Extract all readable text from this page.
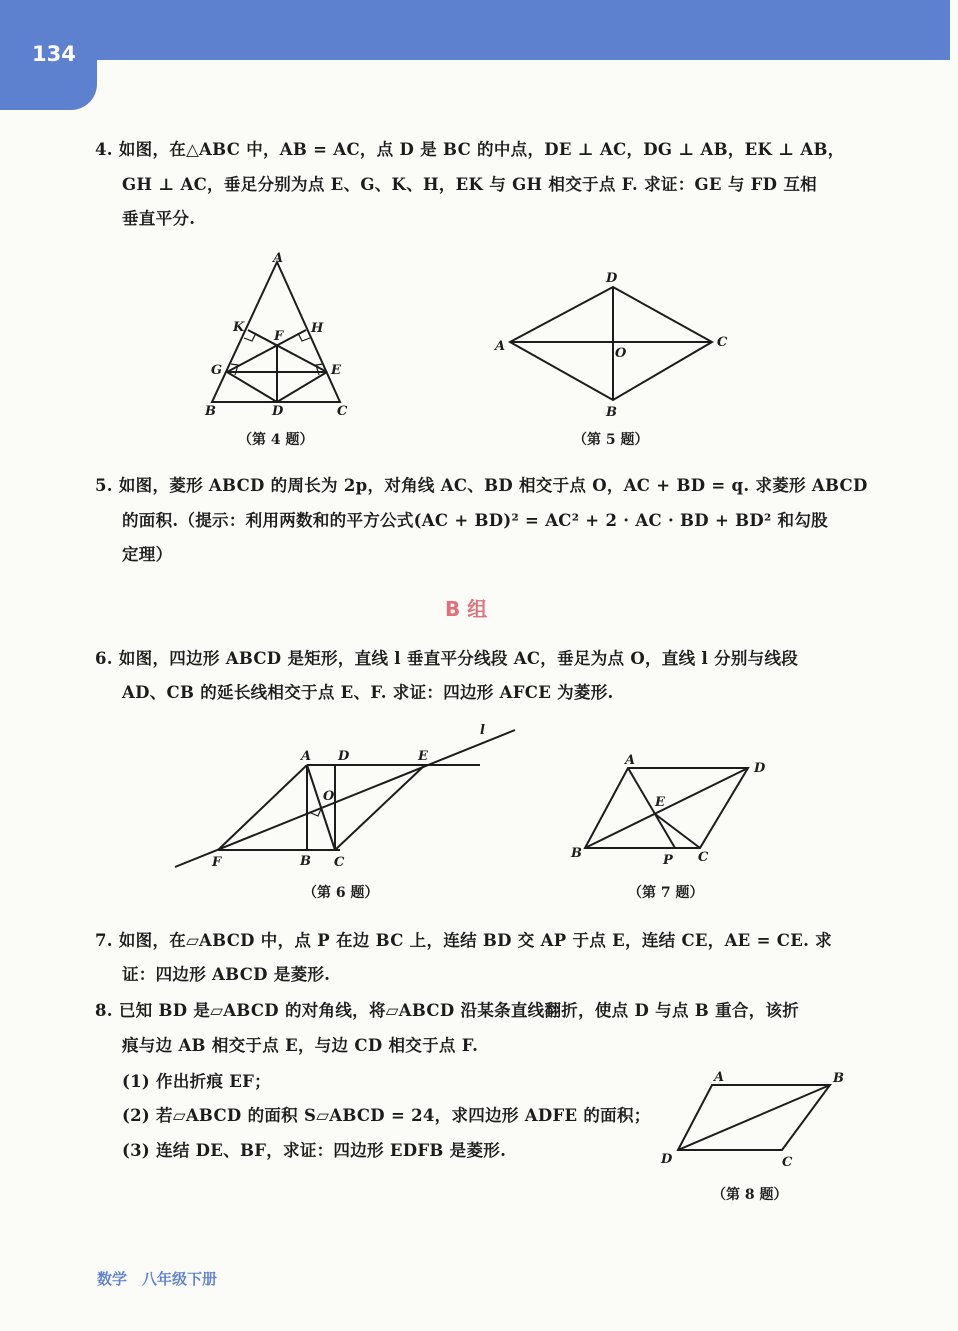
134
4. 如图，在△ABC 中，AB = AC，点 D 是 BC 的中点，DE ⊥ AC，DG ⊥ AB，EK ⊥ AB，
GH ⊥ AC，垂足分别为点 E、G、K、H，EK 与 GH 相交于点 F. 求证：GE 与 FD 互相
垂直平分.
A
B	C
D
E
F
G
H
K
A
B
C
D
O
A
B C
D	E
F
O
l
A
B	C
D
E
P
A	B
C
D
（第 4 题）	（第 5 题）
5. 如图，菱形 ABCD 的周长为 2p，对角线 AC、BD 相交于点 O，AC + BD = q. 求菱形 ABCD
的面积.（提示：利用两数和的平方公式(AC + BD)² = AC² + 2 · AC · BD + BD² 和勾股
定理）
B 组
6. 如图，四边形 ABCD 是矩形，直线 l 垂直平分线段 AC，垂足为点 O，直线 l 分别与线段
AD、CB 的延长线相交于点 E、F. 求证：四边形 AFCE 为菱形.
（第 6 题）	（第 7 题）
7. 如图，在▱ABCD 中，点 P 在边 BC 上，连结 BD 交 AP 于点 E，连结 CE，AE = CE. 求
证：四边形 ABCD 是菱形.
8. 已知 BD 是▱ABCD 的对角线，将▱ABCD 沿某条直线翻折，使点 D 与点 B 重合，该折
痕与边 AB 相交于点 E，与边 CD 相交于点 F.
(1) 作出折痕 EF；
(2) 若▱ABCD 的面积 S▱ABCD = 24，求四边形 ADFE 的面积；
(3) 连结 DE、BF，求证：四边形 EDFB 是菱形.
（第 8 题）
数学　八年级下册
